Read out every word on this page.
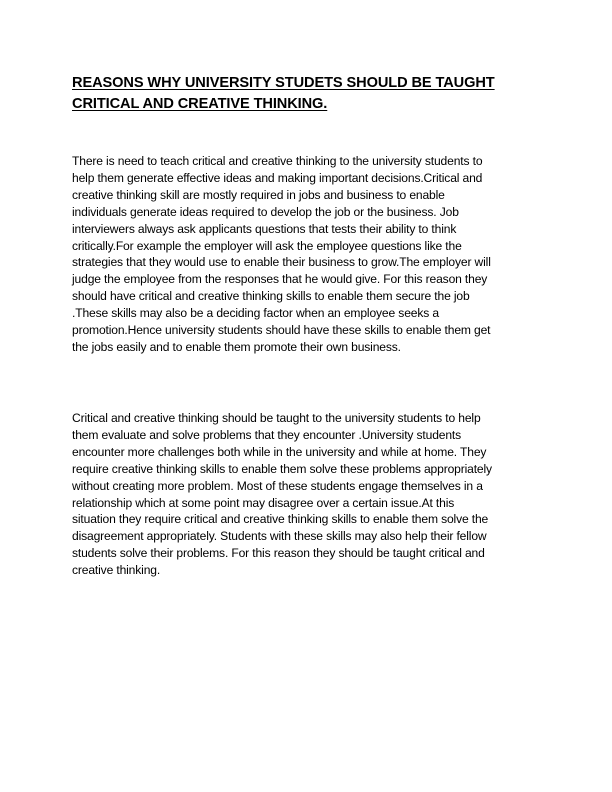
REASONS WHY UNIVERSITY STUDETS SHOULD BE TAUGHT
CRITICAL AND CREATIVE THINKING.

There is need to teach critical and creative thinking to the university students to
help them generate effective ideas and making important decisions.Critical and
creative thinking skill are mostly required in jobs and business to enable
individuals generate ideas required to develop the job or the business. Job
interviewers always ask applicants questions that tests their ability to think
critically.For example the employer will ask the employee questions like the
strategies that they would use to enable their business to grow.The employer will
judge the employee from the responses that he would give. For this reason they
should have critical and creative thinking skills to enable them secure the job
.These skills may also be a deciding factor when an employee seeks a
promotion.Hence university students should have these skills to enable them get
the jobs easily and to enable them promote their own business.

Critical and creative thinking should be taught to the university students to help
them evaluate and solve problems that they encounter .University students
encounter more challenges both while in the university and while at home. They
require creative thinking skills to enable them solve these problems appropriately
without creating more problem. Most of these students engage themselves in a
relationship which at some point may disagree over a certain issue.At this
situation they require critical and creative thinking skills to enable them solve the
disagreement appropriately. Students with these skills may also help their fellow
students solve their problems. For this reason they should be taught critical and
creative thinking.
